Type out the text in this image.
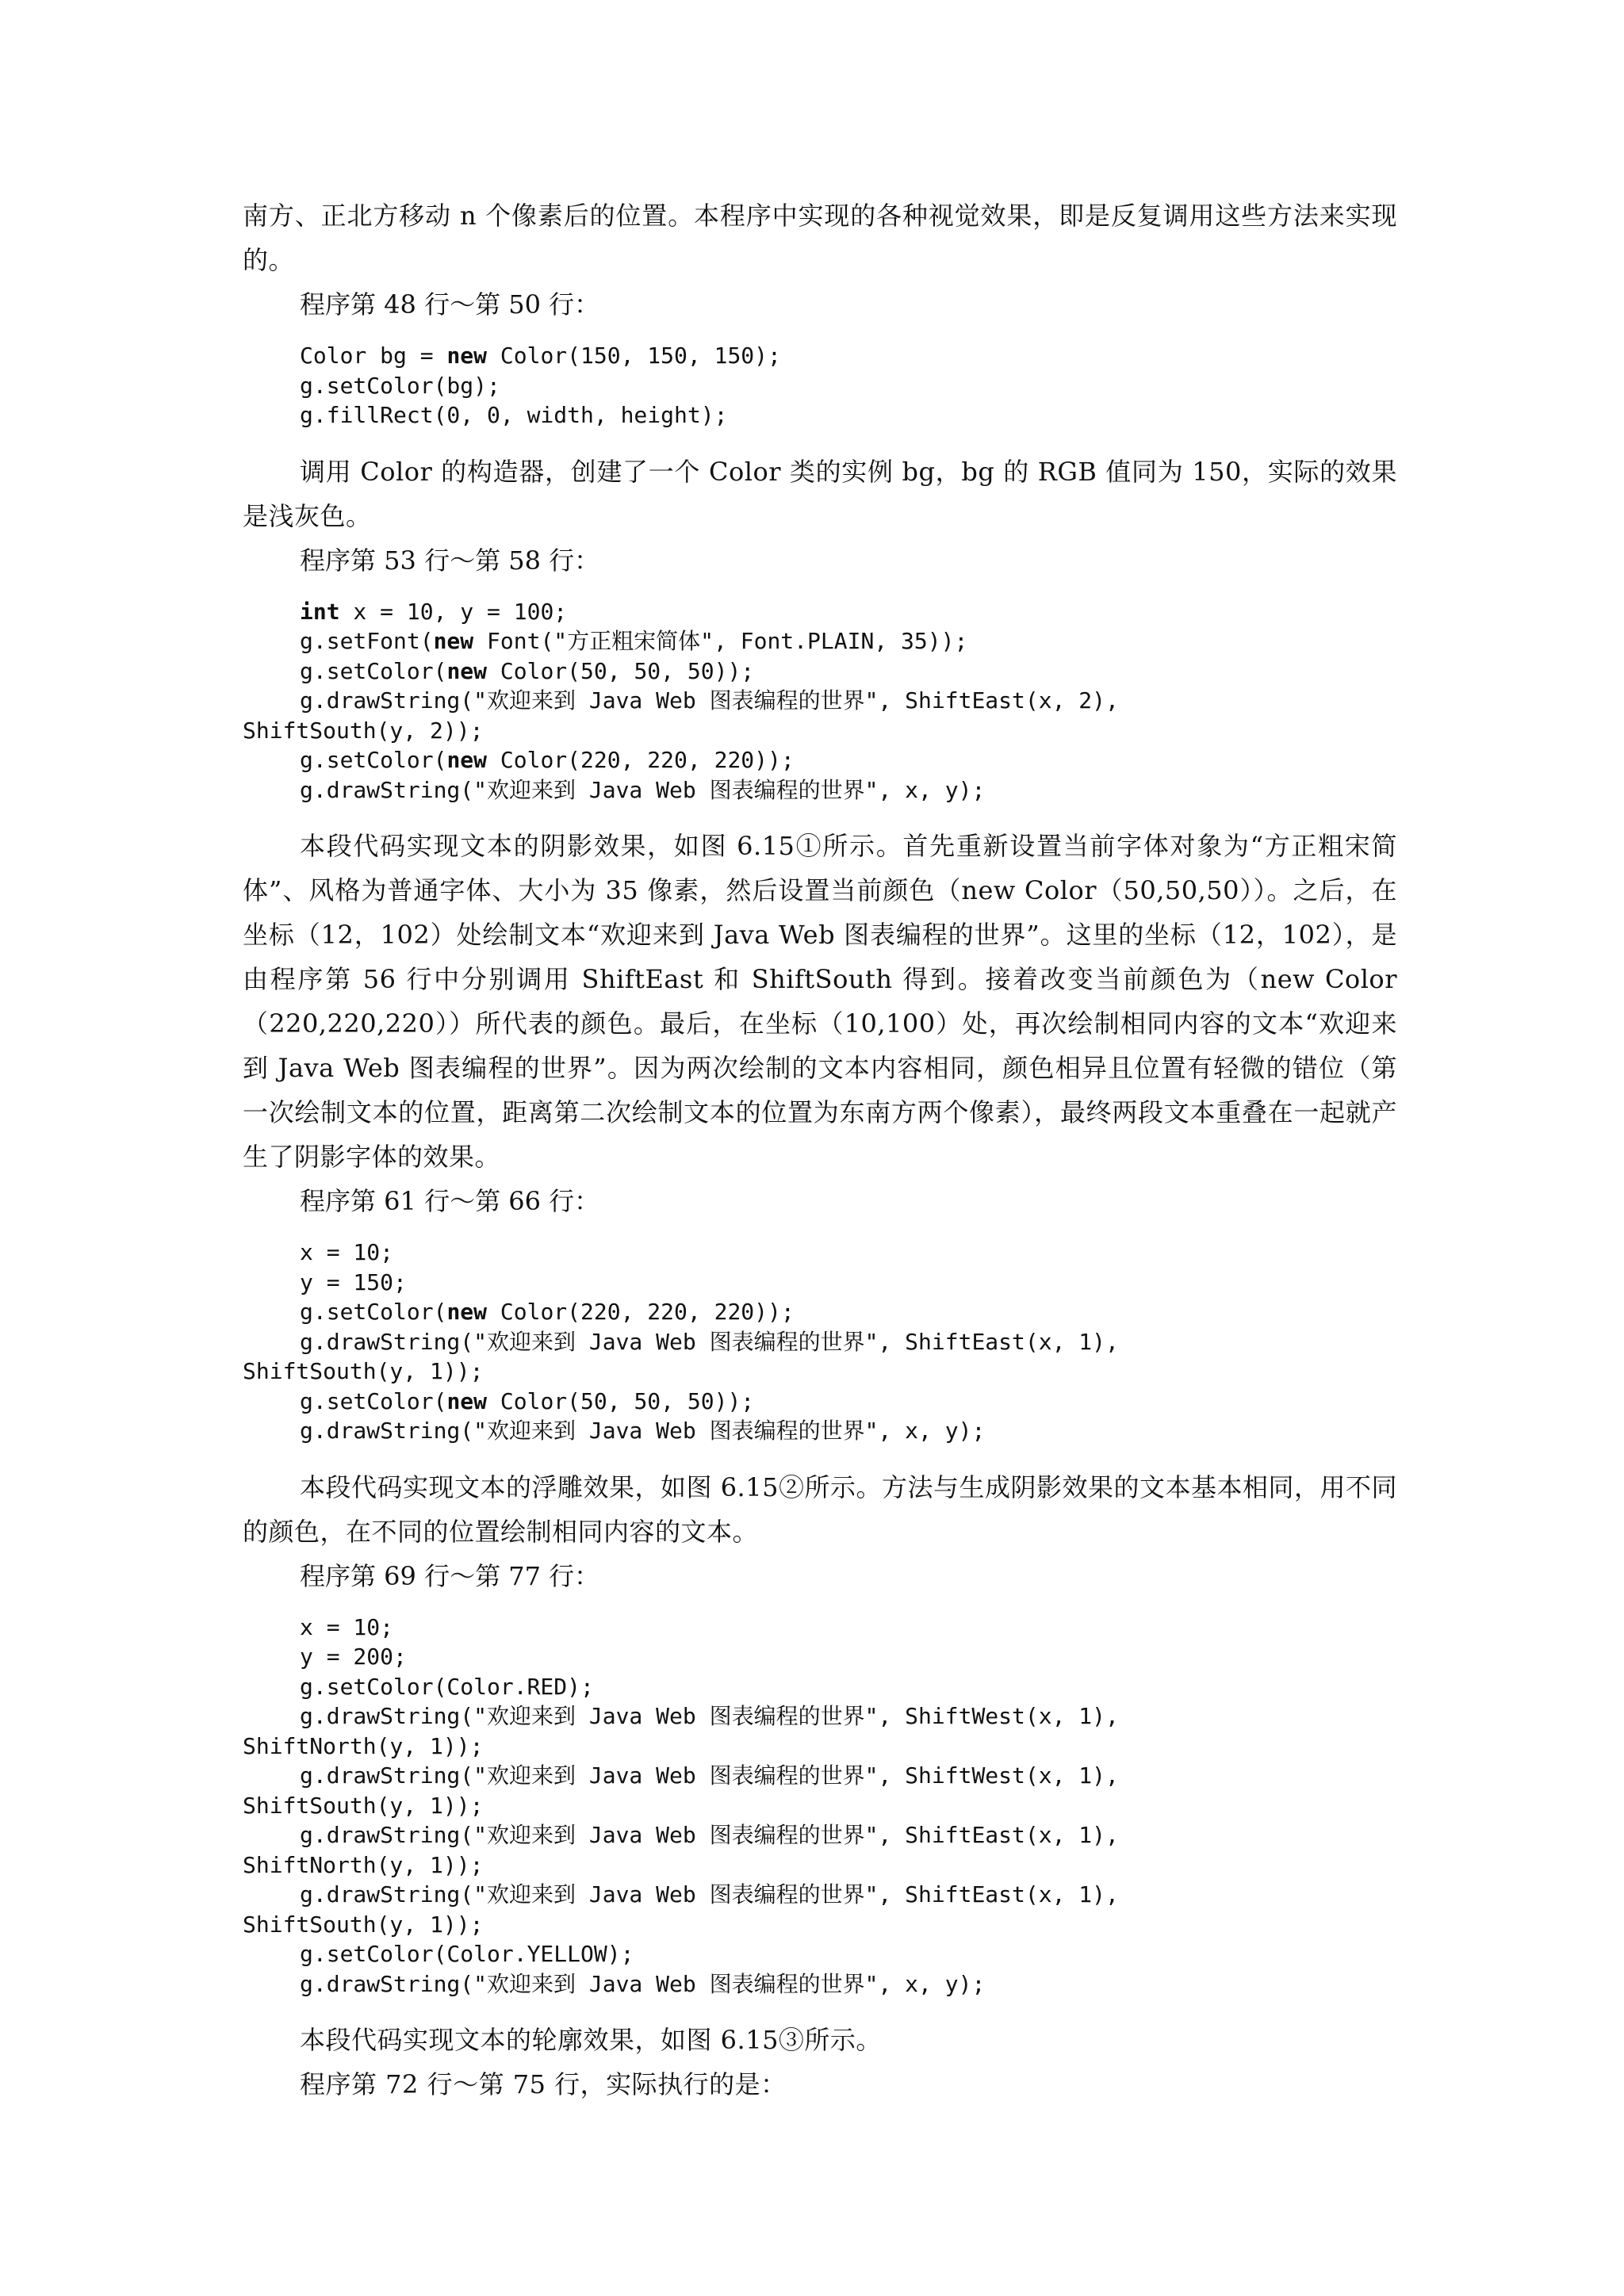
南方、正北方移动 n 个像素后的位置。本程序中实现的各种视觉效果，即是反复调用这些方法来实现的。

程序第 48 行～第 50 行：

Color bg = new Color(150, 150, 150);
g.setColor(bg);
g.fillRect(0, 0, width, height);

调用 Color 的构造器，创建了一个 Color 类的实例 bg，bg 的 RGB 值同为 150，实际的效果是浅灰色。

程序第 53 行～第 58 行：

int x = 10, y = 100;
g.setFont(new Font("方正粗宋简体", Font.PLAIN, 35));
g.setColor(new Color(50, 50, 50));
g.drawString("欢迎来到 Java Web 图表编程的世界", ShiftEast(x, 2),
ShiftSouth(y, 2));
g.setColor(new Color(220, 220, 220));
g.drawString("欢迎来到 Java Web 图表编程的世界", x, y);

本段代码实现文本的阴影效果，如图 6.15①所示。首先重新设置当前字体对象为“方正粗宋简体”、风格为普通字体、大小为 35 像素，然后设置当前颜色（new Color（50,50,50））。之后，在坐标（12，102）处绘制文本“欢迎来到 Java Web 图表编程的世界”。这里的坐标（12，102），是由程序第 56 行中分别调用 ShiftEast 和 ShiftSouth 得到。接着改变当前颜色为（new Color（220,220,220））所代表的颜色。最后，在坐标（10,100）处，再次绘制相同内容的文本“欢迎来到 Java Web 图表编程的世界”。因为两次绘制的文本内容相同，颜色相异且位置有轻微的错位（第一次绘制文本的位置，距离第二次绘制文本的位置为东南方两个像素），最终两段文本重叠在一起就产生了阴影字体的效果。

程序第 61 行～第 66 行：

x = 10;
y = 150;
g.setColor(new Color(220, 220, 220));
g.drawString("欢迎来到 Java Web 图表编程的世界", ShiftEast(x, 1),
ShiftSouth(y, 1));
g.setColor(new Color(50, 50, 50));
g.drawString("欢迎来到 Java Web 图表编程的世界", x, y);

本段代码实现文本的浮雕效果，如图 6.15②所示。方法与生成阴影效果的文本基本相同，用不同的颜色，在不同的位置绘制相同内容的文本。

程序第 69 行～第 77 行：

x = 10;
y = 200;
g.setColor(Color.RED);
g.drawString("欢迎来到 Java Web 图表编程的世界", ShiftWest(x, 1),
ShiftNorth(y, 1));
g.drawString("欢迎来到 Java Web 图表编程的世界", ShiftWest(x, 1),
ShiftSouth(y, 1));
g.drawString("欢迎来到 Java Web 图表编程的世界", ShiftEast(x, 1),
ShiftNorth(y, 1));
g.drawString("欢迎来到 Java Web 图表编程的世界", ShiftEast(x, 1),
ShiftSouth(y, 1));
g.setColor(Color.YELLOW);
g.drawString("欢迎来到 Java Web 图表编程的世界", x, y);

本段代码实现文本的轮廓效果，如图 6.15③所示。

程序第 72 行～第 75 行，实际执行的是：
